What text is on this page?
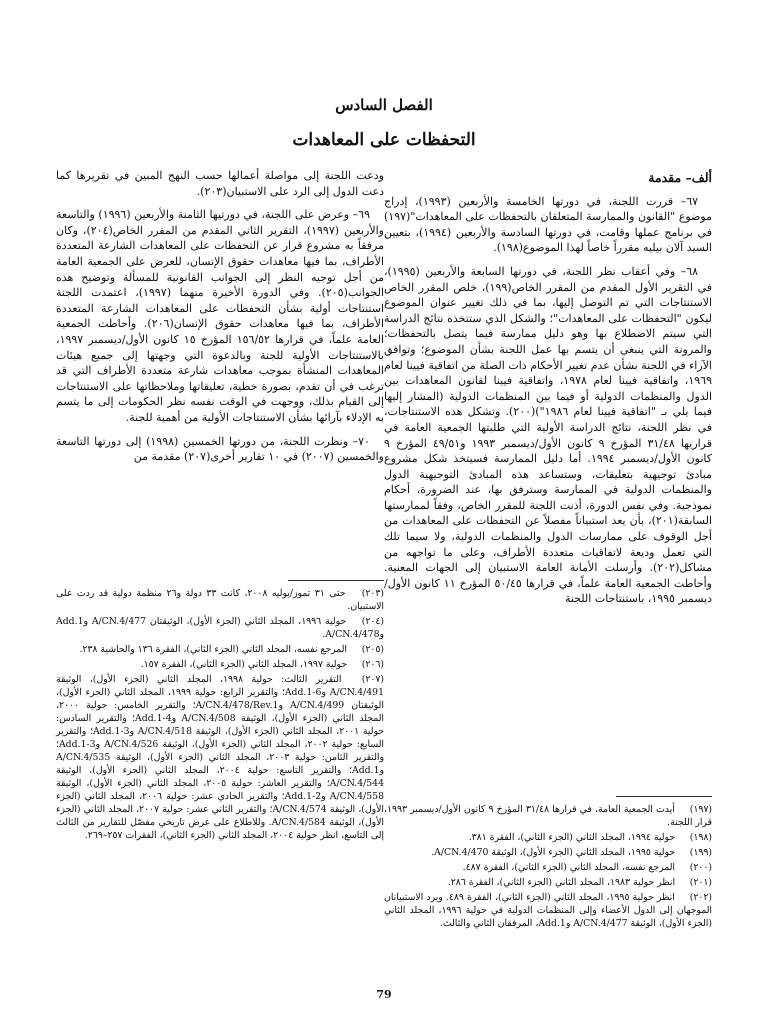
الفصل السادس
التحفظات على المعاهدات
ألف– مقدمة

٦٧– قررت اللجنة، في دورتها الخامسة والأربعين (١٩٩٣)، إدراج موضوع "القانون والممارسة المتعلقان بالتحفظات على المعاهدات"(١٩٧) في برنامج عملها وقامت، في دورتها السادسة والأربعين (١٩٩٤)، بتعيين السيد آلان بيليه مقرراً خاصاً لهذا الموضوع(١٩٨).

٦٨– وفي أعقاب نظر اللجنة، في دورتها السابعة والأربعين (١٩٩٥)، في التقرير الأول المقدم من المقرر الخاص(١٩٩)، خلص المقرر الخاص الاستنتاجات التي تم التوصل إليها، بما في ذلك تغيير عنوان الموضوع ليكون "التحفظات على المعاهدات"؛ والشكل الذي ستتخذه نتائج الدراسة التي سيتم الاضطلاع بها وهو دليل ممارسة فيما يتصل بالتحفظات؛ والمرونة التي ينبغي أن يتسم بها عمل اللجنة بشأن الموضوع؛ وتوافق الآراء في اللجنة بشأن عدم تغيير الأحكام ذات الصلة من اتفاقية فيينا لعام ١٩٦٩، واتفاقية فيينا لعام ١٩٧٨، واتفاقية فيينا لقانون المعاهدات بين الدول والمنظمات الدولية أو فيما بين المنظمات الدولية (المشار إليها فيما يلي بـ "اتفاقية فيينا لعام ١٩٨٦")(٢٠٠). وتشكل هذه الاستنتاجات، في نظر اللجنة، نتائج الدراسة الأولية التي طلبتها الجمعية العامة في قراريها ٣١/٤٨ المؤرخ ٩ كانون الأول/ديسمبر ١٩٩٣ و٤٩/٥١ المؤرخ ٩ كانون الأول/ديسمبر ١٩٩٤. أما دليل الممارسة فسيتخذ شكل مشروع مبادئ توجيهية بتعليقات، وستساعد هذه المبادئ التوجيهية الدول والمنظمات الدولية في الممارسة وسترفق بها، عند الضرورة، أحكام نموذجية. وفي نفس الدورة، أذنت اللجنة للمقرر الخاص، وفقاً لممارستها السابقة(٢٠١)، بأن يعد استبياناً مفصلاً عن التحفظات على المعاهدات من أجل الوقوف على ممارسات الدول والمنظمات الدولية، ولا سيما تلك التي تعمل وديعة لاتفاقيات متعددة الأطراف، وعلى ما تواجهه من مشاكل(٢٠٢). وأرسلت الأمانة العامة الاستبيان إلى الجهات المعنية. وأحاطت الجمعية العامة علماً، في قرارها ٥٠/٤٥ المؤرخ ١١ كانون الأول/ديسمبر ١٩٩٥، باستنتاجات اللجنة

ودعت اللجنة إلى مواصلة أعمالها حسب النهج المبين في تقريرها كما دعت الدول إلى الرد على الاستبيان(٢٠٣).

٦٩– وعرض على اللجنة، في دورتيها الثامنة والأربعين (١٩٩٦) والتاسعة والأربعين (١٩٩٧)، التقرير الثاني المقدم من المقرر الخاص(٢٠٤)، وكان مرفقاً به مشروع قرار عن التحفظات على المعاهدات الشارعة المتعددة الأطراف، بما فيها معاهدات حقوق الإنسان، للعرض على الجمعية العامة من أجل توجيه النظر إلى الجوانب القانونية للمسألة وتوضيح هذه الجوانب(٢٠٥). وفي الدورة الأخيرة منهما (١٩٩٧)، اعتمدت اللجنة استنتاجات أولية بشأن التحفظات على المعاهدات الشارعة المتعددة الأطراف، بما فيها معاهدات حقوق الإنسان(٢٠٦). وأحاطت الجمعية العامة علماً، في قرارها ١٥٦/٥٢ المؤرخ ١٥ كانون الأول/ديسمبر ١٩٩٧، بالاستنتاجات الأولية للجنة وبالدعوة التي وجهتها إلى جميع هيئات المعاهدات المنشأة بموجب معاهدات شارعة متعددة الأطراف التي قد ترغب في أن تقدم، بصورة خطية، تعليقاتها وملاحظاتها على الاستنتاجات إلى القيام بذلك، ووجهت في الوقت نفسه نظر الحكومات إلى ما يتسم به الإدلاء بآرائها بشأن الاستنتاجات الأولية من أهمية للجنة.

٧٠– ونظرت اللجنة، من دورتها الخمسين (١٩٩٨) إلى دورتها التاسعة والخمسين (٢٠٠٧) في ١٠ تقارير أخرى(٢٠٧) مقدمة من

(١٩٧) أيدت الجمعية العامة، في قرارها ٣١/٤٨ المؤرخ ٩ كانون الأول/ديسمبر ١٩٩٣، قرار اللجنة.

(١٩٨) حولية ١٩٩٤، المجلد الثاني (الجزء الثاني)، الفقرة ٣٨١.

(١٩٩) حولية ١٩٩٥، المجلد الثاني (الجزء الأول)، الوثيقة A/CN.4/470.

(٢٠٠) المرجع نفسه، المجلد الثاني (الجزء الثاني)، الفقرة ٤٨٧.

(٢٠١) انظر حولية ١٩٨٣، المجلد الثاني (الجزء الثاني)، الفقرة ٢٨٦.

(٢٠٢) انظر حولية ١٩٩٥، المجلد الثاني (الجزء الثاني)، الفقرة ٤٨٩. ويرد الاستبيانان الموجهان إلى الدول الأعضاء وإلى المنظمات الدولية في حولية ١٩٩٦، المجلد الثاني (الجزء الأول)، الوثيقة A/CN.4/477 وAdd.1، المرفقان الثاني والثالث.

(٢٠٣) حتى ٣١ تموز/يوليه ٢٠٠٨، كانت ٣٣ دولة و٢٦ منظمة دولية قد ردت على الاستبيان.

(٢٠٤) حولية ١٩٩٦، المجلد الثاني (الجزء الأول)، الوثيقتان A/CN.4/477 وAdd.1 وA/CN.4/478.

(٢٠٥) المرجع نفسه، المجلد الثاني (الجزء الثاني)، الفقرة ١٣٦ والحاشية ٢٣٨.

(٢٠٦) حولية ١٩٩٧، المجلد الثاني (الجزء الثاني)، الفقرة ١٥٧.

(٢٠٧) التقرير الثالث: حولية ١٩٩٨، المجلد الثاني (الجزء الأول)، الوثيقة A/CN.4/491 وAdd.1-6؛ والتقرير الرابع: حولية ١٩٩٩، المجلد الثاني (الجزء الأول)، الوثيقتان A/CN.4/499 وA/CN.4/478/Rev.1؛ والتقرير الخامس: حولية ٢٠٠٠، المجلد الثاني (الجزء الأول)، الوثيقة A/CN.4/508 وAdd.1-4؛ والتقرير السادس: حولية ٢٠٠١، المجلد الثاني (الجزء الأول)، الوثيقة A/CN.4/518 وAdd.1-3؛ والتقرير السابع: حولية ٢٠٠٢، المجلد الثاني (الجزء الأول)، الوثيقة A/CN.4/526 وAdd.1-3؛ والتقرير الثامن: حولية ٢٠٠٣، المجلد الثاني (الجزء الأول)، الوثيقة A/CN.4/535 وAdd.1؛ والتقرير التاسع: حولية ٢٠٠٤، المجلد الثاني (الجزء الأول)، الوثيقة A/CN.4/544؛ والتقرير العاشر: حولية ٢٠٠٥، المجلد الثاني (الجزء الأول)، الوثيقة A/CN.4/558 وAdd.1-2؛ والتقرير الحادي عشر: حولية ٢٠٠٦، المجلد الثاني (الجزء الأول)، الوثيقة A/CN.4/574؛ والتقرير الثاني عشر: حولية ٢٠٠٧، المجلد الثاني (الجزء الأول)، الوثيقة A/CN.4/584. وللاطلاع على عرض تاريخي مفصّل للتقارير من الثالث إلى التاسع، انظر حولية ٢٠٠٤، المجلد الثاني (الجزء الثاني)، الفقرات ٢٥٧–٢٦٩.

79
